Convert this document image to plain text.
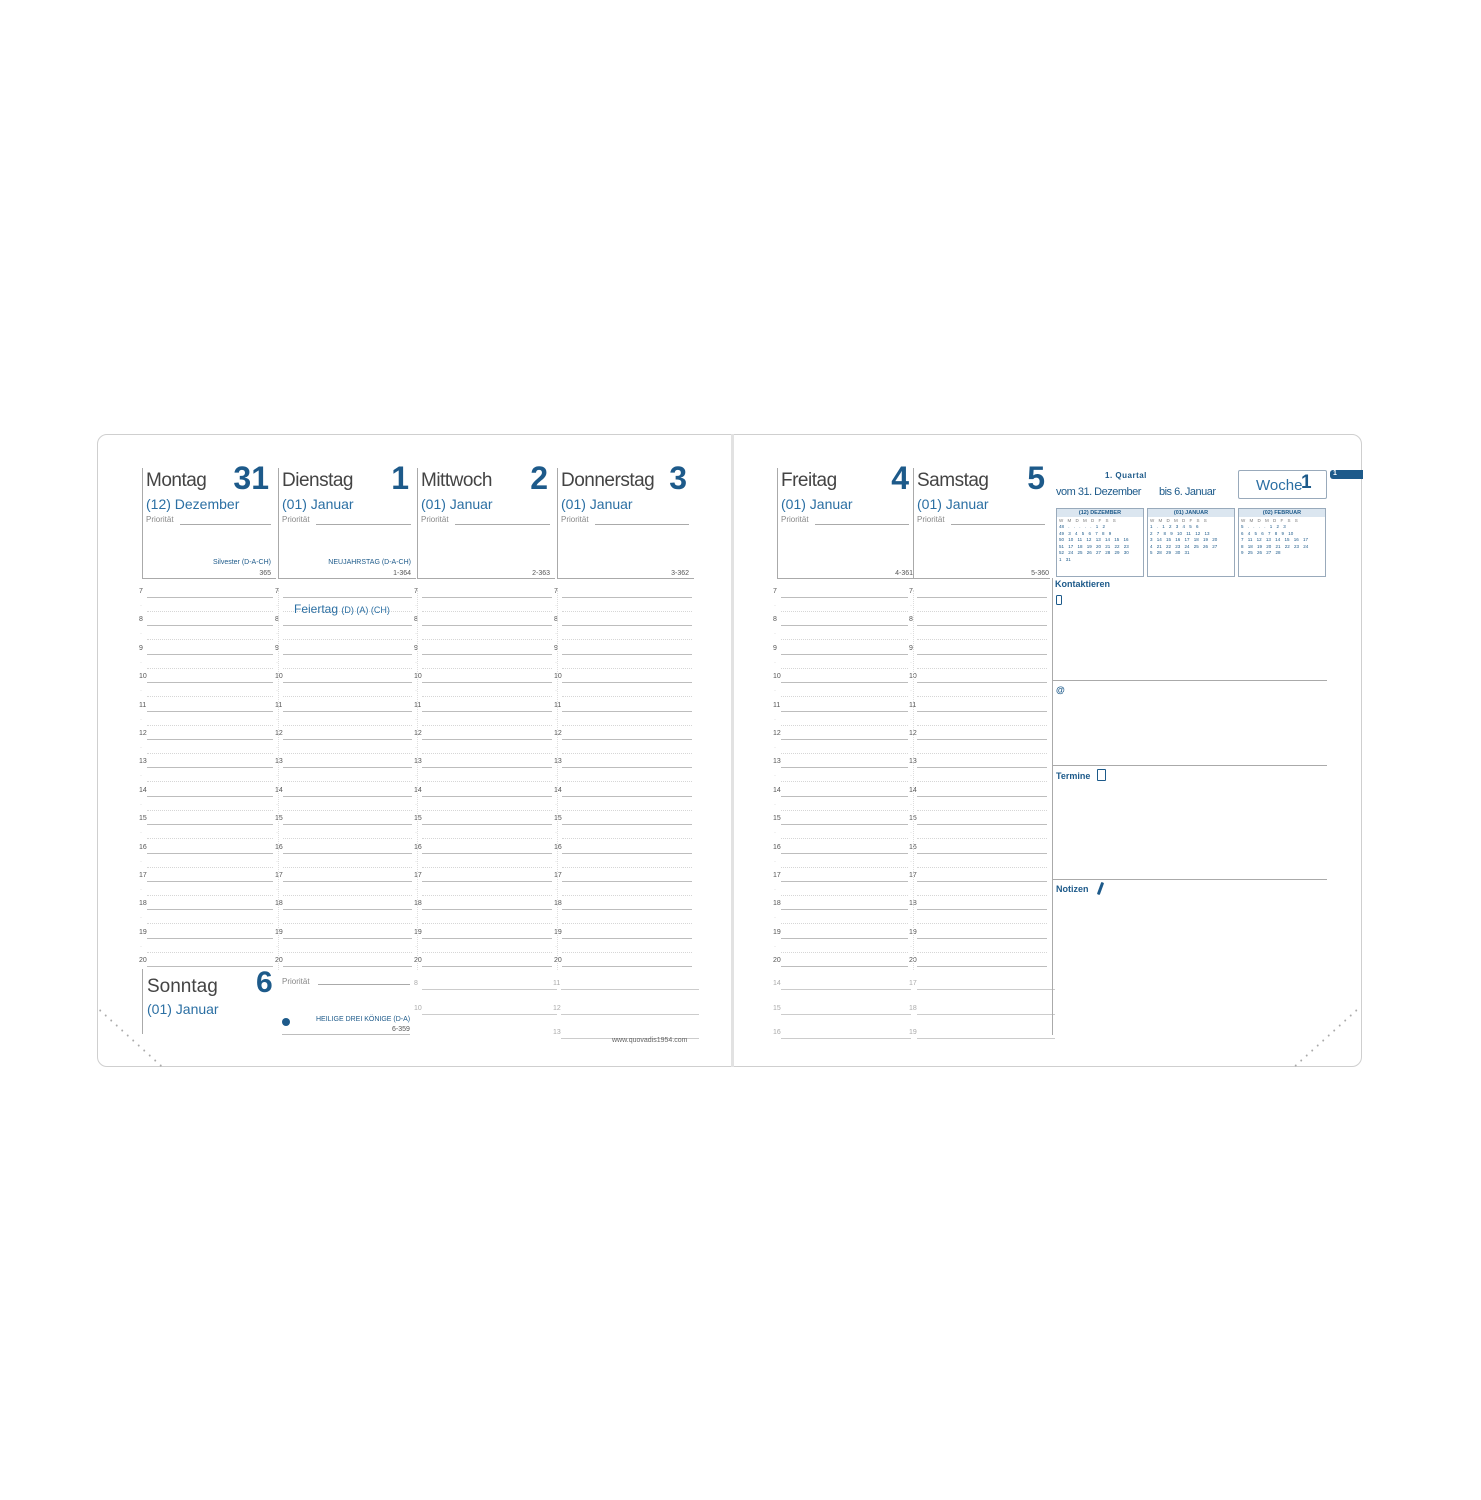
Montag 31
(12) Dezember
Priorität
Silvester (D-A-CH)
365
Dienstag 1
(01) Januar
Priorität
NEUJAHRSTAG (D-A-CH)
1-364
Mittwoch 2
(01) Januar
Priorität
2-363
Donnerstag 3
(01) Januar
Priorität
3-362
Freitag 4
(01) Januar
Priorität
4-361
Samstag 5
(01) Januar
Priorität
5-360
7
·
8
·
9
·
10
·
11
·
12
·
13
·
14
·
15
·
16
·
17
·
18
·
19
·
20
7
·
8
·
9
·
10
·
11
·
12
·
13
·
14
·
15
·
16
·
17
·
18
·
19
·
20
7
·
8
·
9
·
10
·
11
·
12
·
13
·
14
·
15
·
16
·
17
·
18
·
19
·
20
7
·
8
·
9
·
10
·
11
·
12
·
13
·
14
·
15
·
16
·
17
·
18
·
19
·
20
7
·
8
·
9
·
10
·
11
·
12
·
13
·
14
·
15
·
16
·
17
·
18
·
19
·
20
7
·
8
·
9
·
10
·
11
·
12
·
13
·
14
·
15
·
16
·
17
·
18
·
19
·
20
8
10
11
12
13
14
15
16
17
18
19
Feiertag (D) (A) (CH)
Sonntag 6
(01) Januar
Priorität
HEILIGE DREI KÖNIGE (D-A)
6-359
www.quovadis1954.com
1. Quartal
vom 31. Dezember bis 6. Januar	Woche
1	1
(12) DEZEMBER
W M D M D F S S
48 . . . . . 1 2
49 3 4 5 6 7 8 9
50 10 11 12 13 14 15 16
51 17 18 19 20 21 22 23
52 24 25 26 27 28 29 30
1 31
(01) JANUAR
W M D M D F S S
1 . 1 2 3 4 5 6
2 7 8 9 10 11 12 13
3 14 15 16 17 18 19 20
4 21 22 23 24 25 26 27
5 28 29 30 31
(02) FEBRUAR
W M D M D F S S
5 . . . . 1 2 3
6 4 5 6 7 8 9 10
7 11 12 13 14 15 16 17
8 18 19 20 21 22 23 24
9 25 26 27 28
Kontaktieren
@
Termine
Notizen
•
•
•
•
•
•
•
•
•
•
•
•
•
•
•
•
•
•
•
•
•
•
•
•
